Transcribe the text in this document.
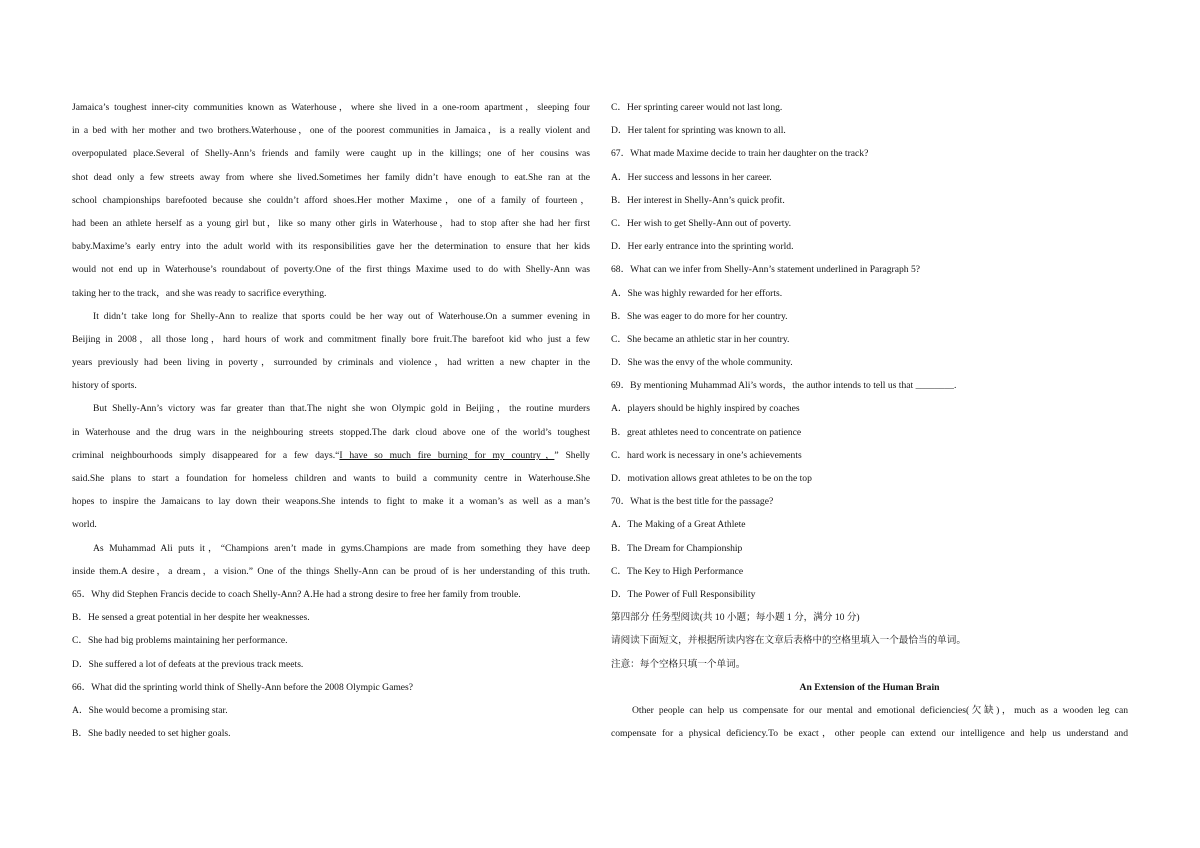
Jamaica’s toughest inner-city communities known as Waterhouse，where she lived in a one-room apartment，sleeping four
in a bed with her mother and two brothers.Waterhouse，one of the poorest communities in Jamaica，is a really violent and
overpopulated place.Several of Shelly-Ann’s friends and family were caught up in the killings; one of her cousins was
shot dead only a few streets away from where she lived.Sometimes her family didn’t have enough to eat.She ran at the
school championships barefooted because she couldn’t afford shoes.Her mother Maxime，one of a family of fourteen，
had been an athlete herself as a young girl but，like so many other girls in Waterhouse，had to stop after she had her first
baby.Maxime’s early entry into the adult world with its responsibilities gave her the determination to ensure that her kids
would not end up in Waterhouse’s roundabout of poverty.One of the first things Maxime used to do with Shelly-Ann was
taking her to the track，and she was ready to sacrifice everything.
It didn’t take long for Shelly-Ann to realize that sports could be her way out of Waterhouse.On a summer evening in
Beijing in 2008，all those long，hard hours of work and commitment finally bore fruit.The barefoot kid who just a few
years previously had been living in poverty，surrounded by criminals and violence，had written a new chapter in the
history of sports.
But Shelly-Ann’s victory was far greater than that.The night she won Olympic gold in Beijing，the routine murders
in Waterhouse and the drug wars in the neighbouring streets stopped.The dark cloud above one of the world’s toughest
criminal neighbourhoods simply disappeared for a few days.“I have so much fire burning for my country，” Shelly
said.She plans to start a foundation for homeless children and wants to build a community centre in Waterhouse.She
hopes to inspire the Jamaicans to lay down their weapons.She intends to fight to make it a woman’s as well as a man’s
world.
As Muhammad Ali puts it，“Champions aren’t made in gyms.Champions are made from something they have deep
inside them.A desire，a dream，a vision.” One of the things Shelly-Ann can be proud of is her understanding of this truth.
65．Why did Stephen Francis decide to coach Shelly-Ann? A.He had a strong desire to free her family from trouble.
B．He sensed a great potential in her despite her weaknesses.
C．She had big problems maintaining her performance.
D．She suffered a lot of defeats at the previous track meets.
66．What did the sprinting world think of Shelly-Ann before the 2008 Olympic Games?
A．She would become a promising star.
B．She badly needed to set higher goals.
C．Her sprinting career would not last long.
D．Her talent for sprinting was known to all.
67．What made Maxime decide to train her daughter on the track?
A．Her success and lessons in her career.
B．Her interest in Shelly-Ann’s quick profit.
C．Her wish to get Shelly-Ann out of poverty.
D．Her early entrance into the sprinting world.
68．What can we infer from Shelly-Ann’s statement underlined in Paragraph 5?
A．She was highly rewarded for her efforts.
B．She was eager to do more for her country.
C．She became an athletic star in her country.
D．She was the envy of the whole community.
69．By mentioning Muhammad Ali’s words，the author intends to tell us that ________.
A．players should be highly inspired by coaches
B．great athletes need to concentrate on patience
C．hard work is necessary in one’s achievements
D．motivation allows great athletes to be on the top
70．What is the best title for the passage?
A．The Making of a Great Athlete
B．The Dream for Championship
C．The Key to High Performance
D．The Power of Full Responsibility
第四部分 任务型阅读(共 10 小题；每小题 1 分，满分 10 分)
请阅读下面短文，并根据所读内容在文章后表格中的空格里填入一个最恰当的单词。
注意：每个空格只填一个单词。
An Extension of the Human Brain
Other people can help us compensate for our mental and emotional deficiencies(欠缺)，much as a wooden leg can
compensate for a physical deficiency.To be exact，other people can extend our intelligence and help us understand and
